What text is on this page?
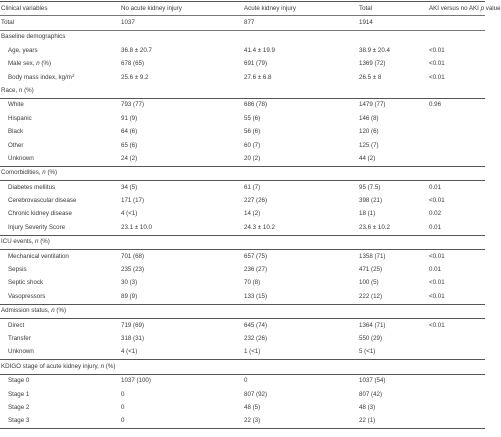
Clinical variables	No acute kidney injury	Acute kidney injury	Total	AKI versus no AKI p value
Total	1037	877	1914	
Baseline demographics				
Age, years	36.8 ± 20.7	41.4 ± 19.9	38.9 ± 20.4	<0.01
Male sex, n (%)	678 (65)	691 (79)	1369 (72)	<0.01
Body mass index, $kg/m^2$	25.6 ± 9.2	27.6 ± 6.8	26.5 ± 8	<0.01
Race, n (%)				
White	793 (77)	686 (78)	1479 (77)	0.96
Hispanic	91 (9)	55 (6)	146 (8)	
Black	64 (6)	56 (6)	120 (6)	
Other	65 (6)	60 (7)	125 (7)	
Unknown	24 (2)	20 (2)	44 (2)	
Comorbidities, n (%)				
Diabetes mellitus	34 (5)	61 (7)	95 (7.5)	0.01
Cerebrovascular disease	171 (17)	227 (26)	398 (21)	<0.01
Chronic kidney disease	4 (<1)	14 (2)	18 (1)	0.02
Injury Severity Score	23.1 ± 10.0	24.3 ± 10.2	23.6 ± 10.2	0.01
ICU events, n (%)				
Mechanical ventilation	701 (68)	657 (75)	1358 (71)	<0.01
Sepsis	235 (23)	236 (27)	471 (25)	0.01
Septic shock	30 (3)	70 (8)	100 (5)	<0.01
Vasopressors	89 (9)	133 (15)	222 (12)	<0.01
Admission status, n (%)				
Direct	719 (69)	645 (74)	1364 (71)	<0.01
Transfer	318 (31)	232 (26)	550 (29)	
Unknown	4 (<1)	1 (<1)	5 (<1)	
KDIGO stage of acute kidney injury, n (%)				
Stage 0	1037 (100)	0	1037 (54)	
Stage 1	0	807 (92)	807 (42)	
Stage 2	0	48 (5)	48 (3)	
Stage 3	0	22 (3)	22 (1)	
